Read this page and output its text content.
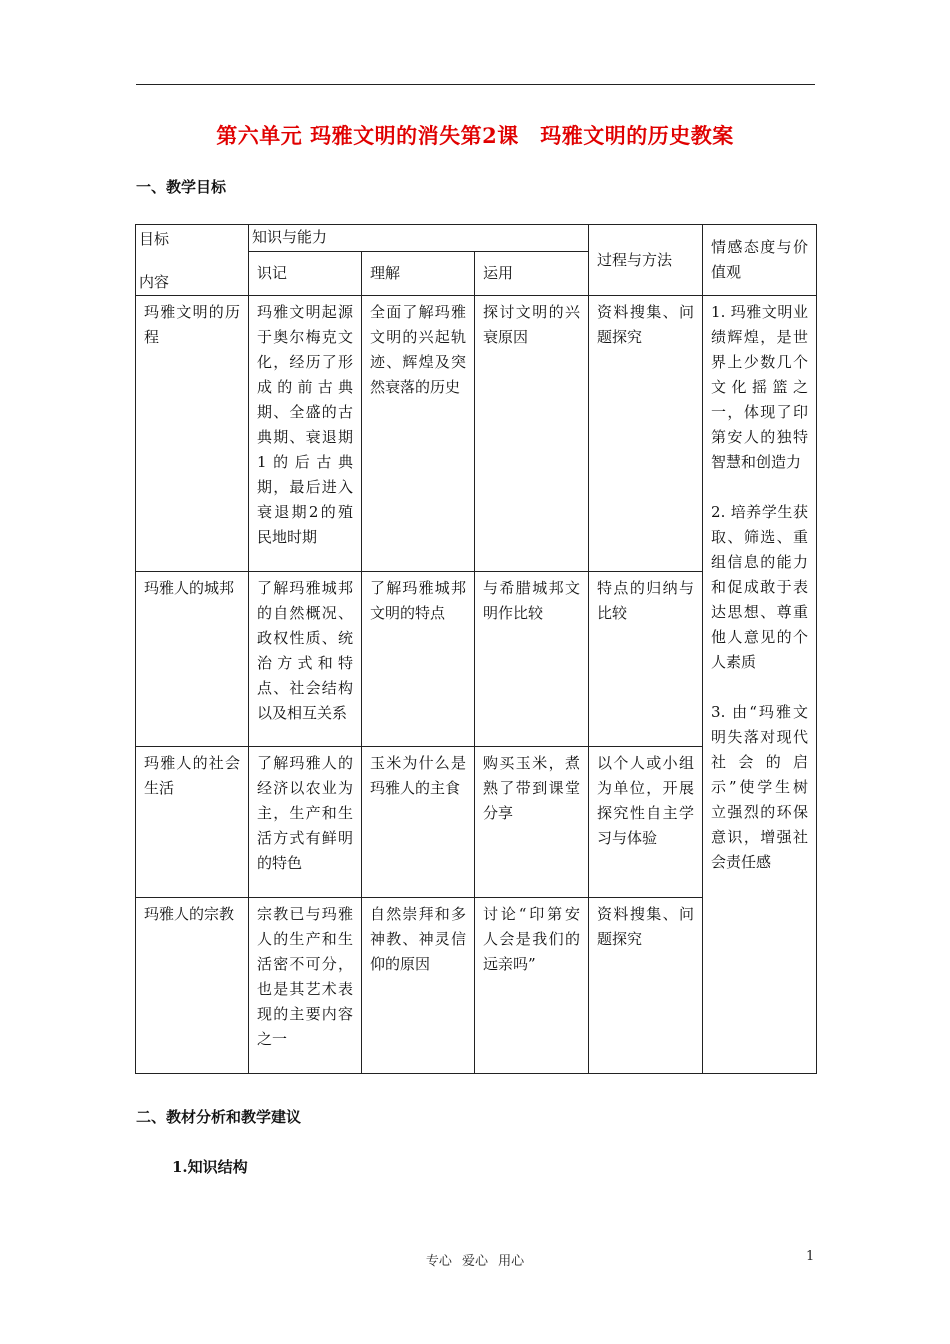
第六单元 玛雅文明的消失第2课　玛雅文明的历史教案
一、教学目标
目标
内容	知识与能力			过程与方法	情感态度与价值观
	识记	理解	运用		
玛雅文明的历程	玛雅文明起源于奥尔梅克文化，经历了形成的前古典期、全盛的古典期、衰退期1的后古典期，最后进入衰退期2的殖民地时期	全面了解玛雅文明的兴起轨迹、辉煌及突然衰落的历史	探讨文明的兴衰原因	资料搜集、问题探究	1. 玛雅文明业绩辉煌，是世界上少数几个文化摇篮之一，体现了印第安人的独特智慧和创造力
2. 培养学生获取、筛选、重组信息的能力和促成敢于表达思想、尊重他人意见的个人素质
3. 由“玛雅文明失落对现代社会的启示”使学生树立强烈的环保意识，增强社会责任感
玛雅人的城邦	了解玛雅城邦的自然概况、政权性质、统治方式和特点、社会结构以及相互关系	了解玛雅城邦文明的特点	与希腊城邦文明作比较	特点的归纳与比较	
玛雅人的社会生活	了解玛雅人的经济以农业为主，生产和生活方式有鲜明的特色	玉米为什么是玛雅人的主食	购买玉米，煮熟了带到课堂分享	以个人或小组为单位，开展探究性自主学习与体验	
玛雅人的宗教	宗教已与玛雅人的生产和生活密不可分，也是其艺术表现的主要内容之一	自然崇拜和多神教、神灵信仰的原因	讨论“印第安人会是我们的远亲吗”	资料搜集、问题探究	
二、教材分析和教学建议
1.知识结构
专心 爱心 用心	1
